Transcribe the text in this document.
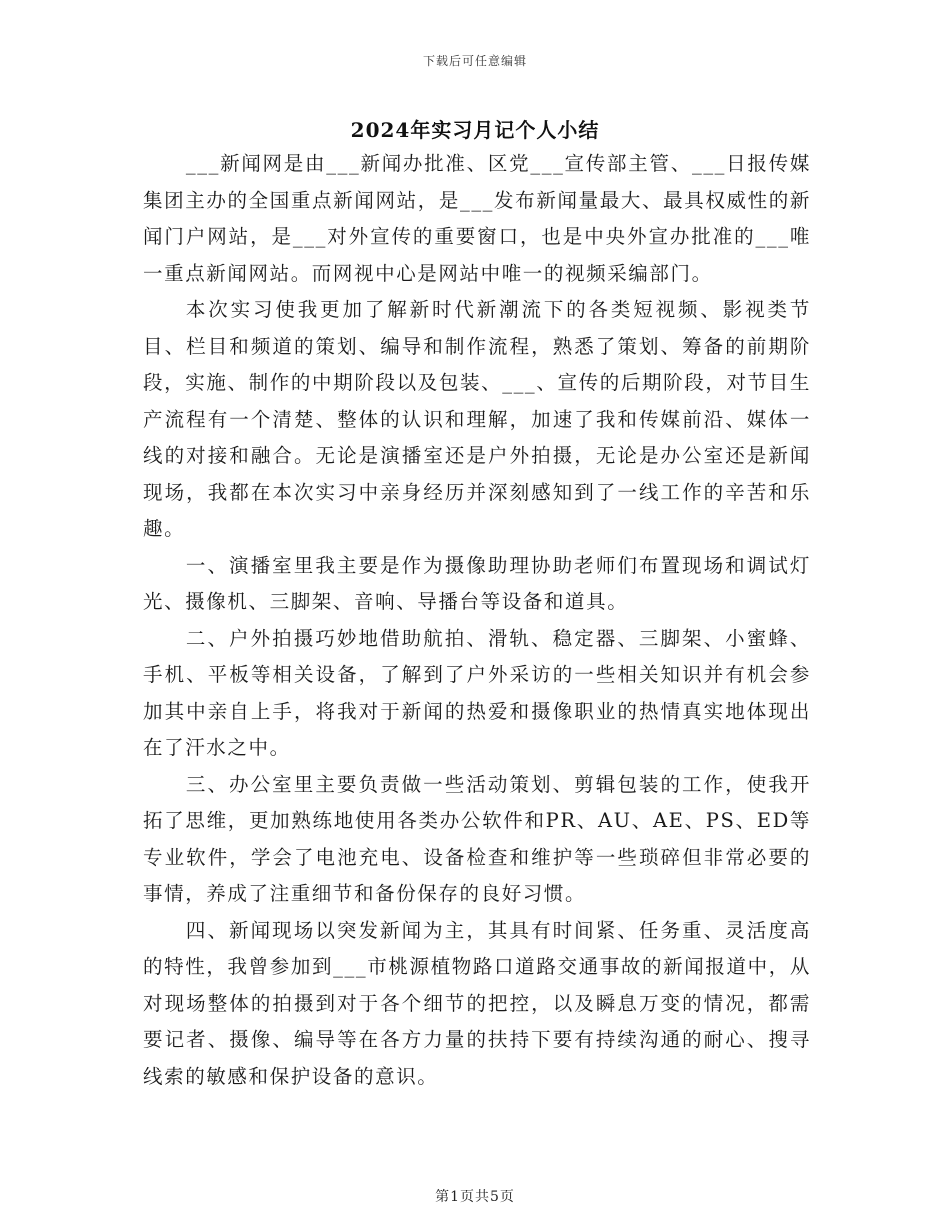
下载后可任意编辑
2024年实习月记个人小结

___新闻网是由___新闻办批准、区党___宣传部主管、___日报传媒集团主办的全国重点新闻网站，是___发布新闻量最大、最具权威性的新闻门户网站，是___对外宣传的重要窗口，也是中央外宣办批准的___唯一重点新闻网站。而网视中心是网站中唯一的视频采编部门。

本次实习使我更加了解新时代新潮流下的各类短视频、影视类节目、栏目和频道的策划、编导和制作流程，熟悉了策划、筹备的前期阶段，实施、制作的中期阶段以及包装、___、宣传的后期阶段，对节目生产流程有一个清楚、整体的认识和理解，加速了我和传媒前沿、媒体一线的对接和融合。无论是演播室还是户外拍摄，无论是办公室还是新闻现场，我都在本次实习中亲身经历并深刻感知到了一线工作的辛苦和乐趣。

一、演播室里我主要是作为摄像助理协助老师们布置现场和调试灯光、摄像机、三脚架、音响、导播台等设备和道具。

二、户外拍摄巧妙地借助航拍、滑轨、稳定器、三脚架、小蜜蜂、手机、平板等相关设备，了解到了户外采访的一些相关知识并有机会参加其中亲自上手，将我对于新闻的热爱和摄像职业的热情真实地体现出在了汗水之中。

三、办公室里主要负责做一些活动策划、剪辑包装的工作，使我开拓了思维，更加熟练地使用各类办公软件和PR、AU、AE、PS、ED等专业软件，学会了电池充电、设备检查和维护等一些琐碎但非常必要的事情，养成了注重细节和备份保存的良好习惯。

四、新闻现场以突发新闻为主，其具有时间紧、任务重、灵活度高的特性，我曾参加到___市桃源植物路口道路交通事故的新闻报道中，从对现场整体的拍摄到对于各个细节的把控，以及瞬息万变的情况，都需要记者、摄像、编导等在各方力量的扶持下要有持续沟通的耐心、搜寻线索的敏感和保护设备的意识。

第1页共5页
